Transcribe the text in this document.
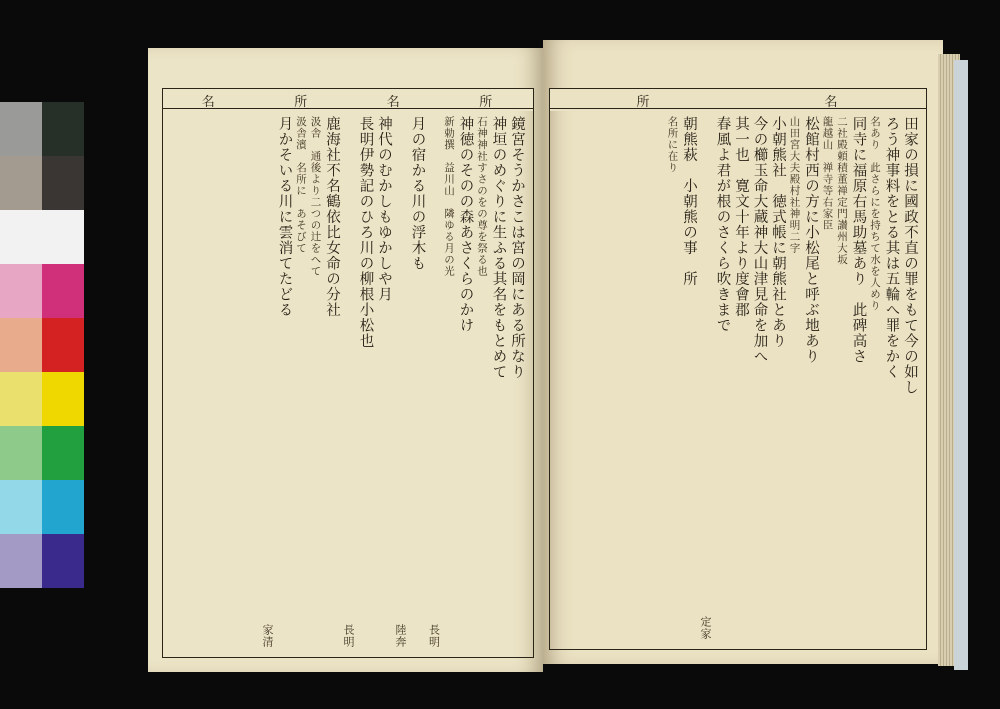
名	所	名	所
鏡宮そうかさこは宮の岡にある所なり
神垣のめぐりに生ふる其名をもとめて
石神神社すさのをの尊を祭る也
神徳のそのの森あさくらのかけ
新勅撰　益川山　隣ゆる月の光
長明
月の宿かる川の浮木も
陸奔
神代のむかしもゆかしや月
長明伊勢記のひろ川の柳根小松也
長明
鹿海社不名鶴依比女命の分社
汲舎　通後より二つの辻をへて
汲舎濱　名所に　あそびて
月かそいる川に雲消てたどる
家清
所	名
田家の損に國政不直の罪をもて今の如し
ろう神事料をとる其は五輪へ罪をかく
名あり　此さらにを持ちて水を人めり
同寺に福原右馬助墓あり　此碑高さ
二社殿頼積董禅定門讃州大坂
龍越山　禅寺等右家臣
松館村西の方に小松尾と呼ぶ地あり
山田宮大夫殿村社神明二字
小朝熊社　徳式帳に朝熊社とあり
今の櫛玉命大蔵神大山津見命を加へ
其一也　寛文十年より度會郡
春風よ君が根のさくら吹きまで
定家
朝熊萩　小朝熊の事　所
名所に在り
